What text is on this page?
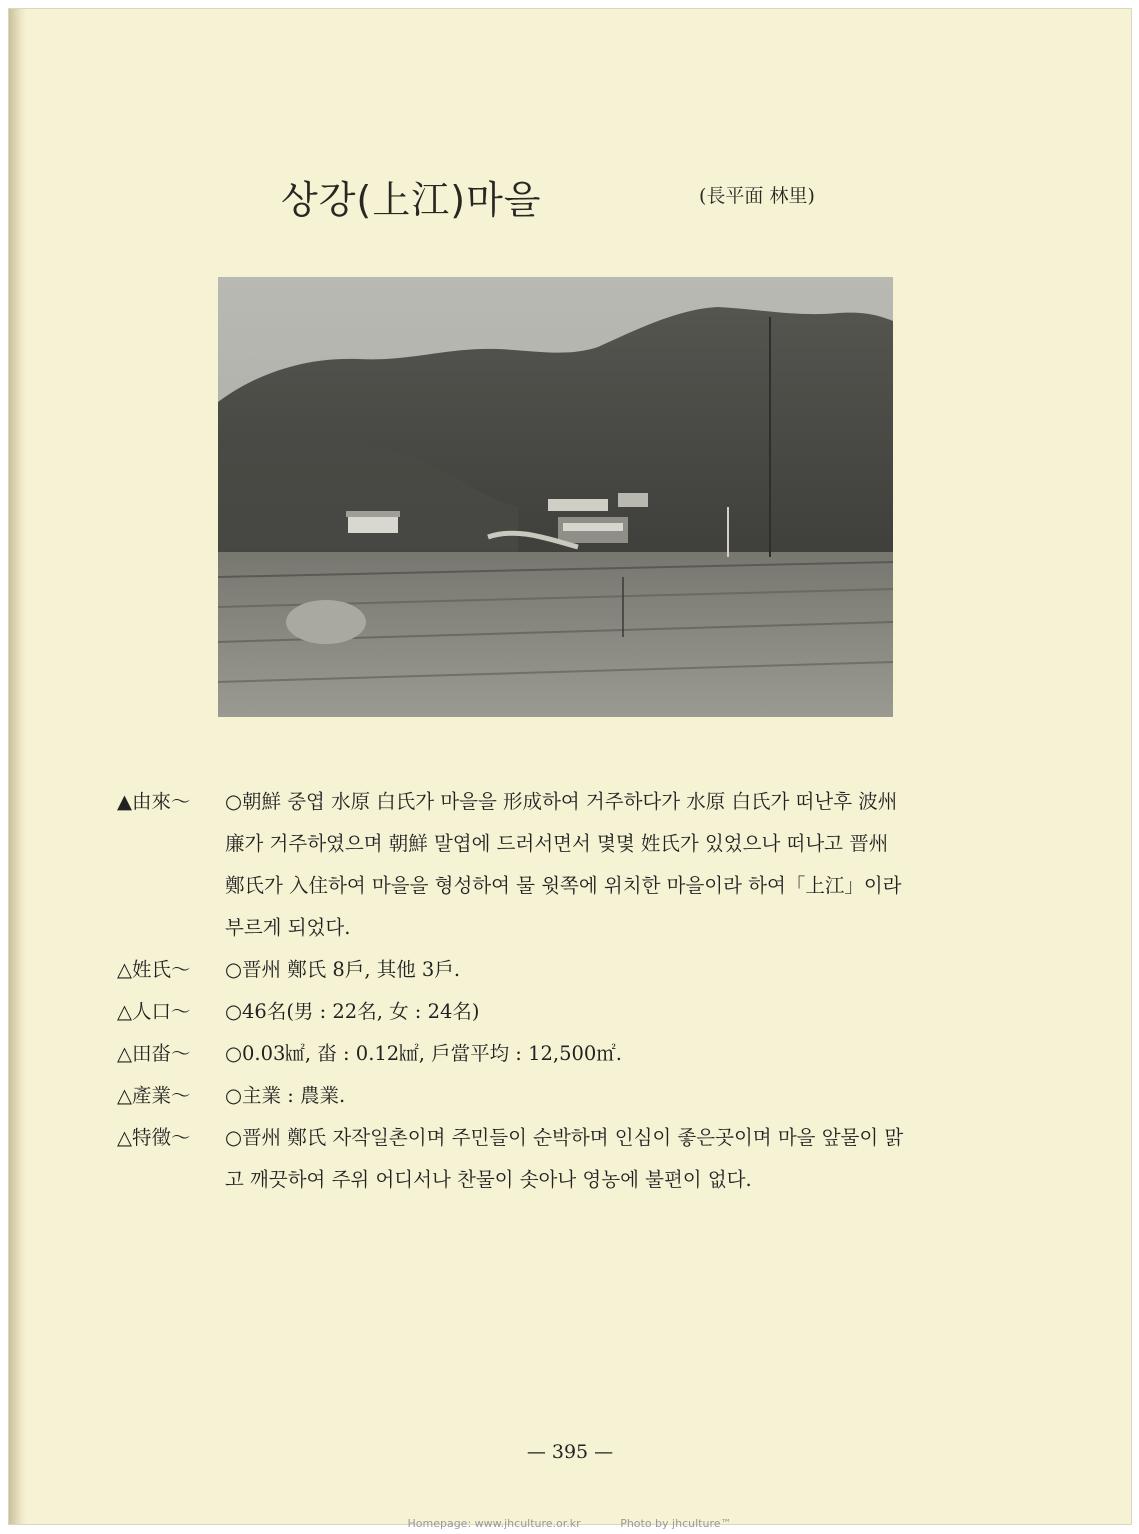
상강(上江)마을	(長平面 林里)
▲由來～	○朝鮮 중엽 水原 白氏가 마을을 形成하여 거주하다가 水原 白氏가 떠난후 波州
廉가 거주하였으며 朝鮮 말엽에 드러서면서 몇몇 姓氏가 있었으나 떠나고 晋州
鄭氏가 入住하여 마을을 형성하여 물 윗쪽에 위치한 마을이라 하여「上江」이라
부르게 되었다.
△姓氏～	○晋州 鄭氏 8戶, 其他 3戶.
△人口～	○46名(男 : 22名, 女 : 24名)
△田畓～	○0.03㎢, 畓 : 0.12㎢, 戶當平均 : 12,500㎡.
△產業～	○主業 : 農業.
△特徵～	○晋州 鄭氏 자작일촌이며 주민들이 순박하며 인심이 좋은곳이며 마을 앞물이 맑
고 깨끗하여 주위 어디서나 찬물이 솟아나 영농에 불편이 없다.
— 395 —
Homepage: www.jhculture.or.kr	Photo by jhculture™
